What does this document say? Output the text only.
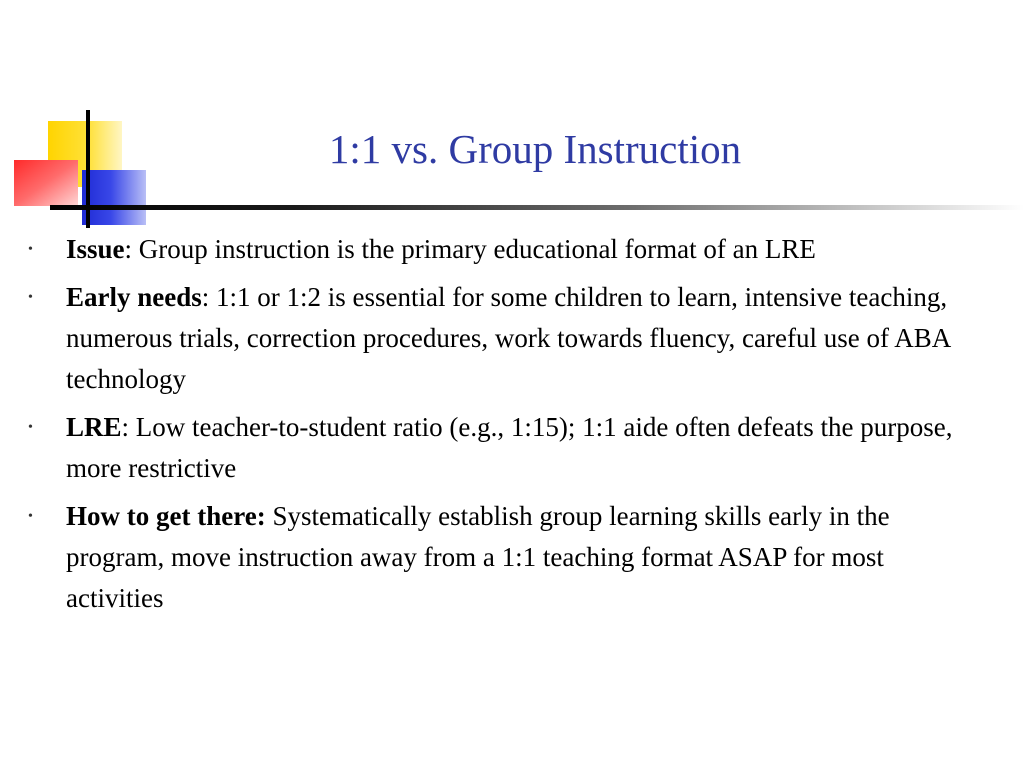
1:1 vs. Group Instruction
• Issue: Group instruction is the primary educational format of an LRE
• Early needs: 1:1 or 1:2 is essential for some children to learn, intensive teaching, numerous trials, correction procedures, work towards fluency, careful use of ABA technology
• LRE: Low teacher-to-student ratio (e.g., 1:15); 1:1 aide often defeats the purpose, more restrictive
• How to get there: Systematically establish group learning skills early in the program, move instruction away from a 1:1 teaching format ASAP for most activities
